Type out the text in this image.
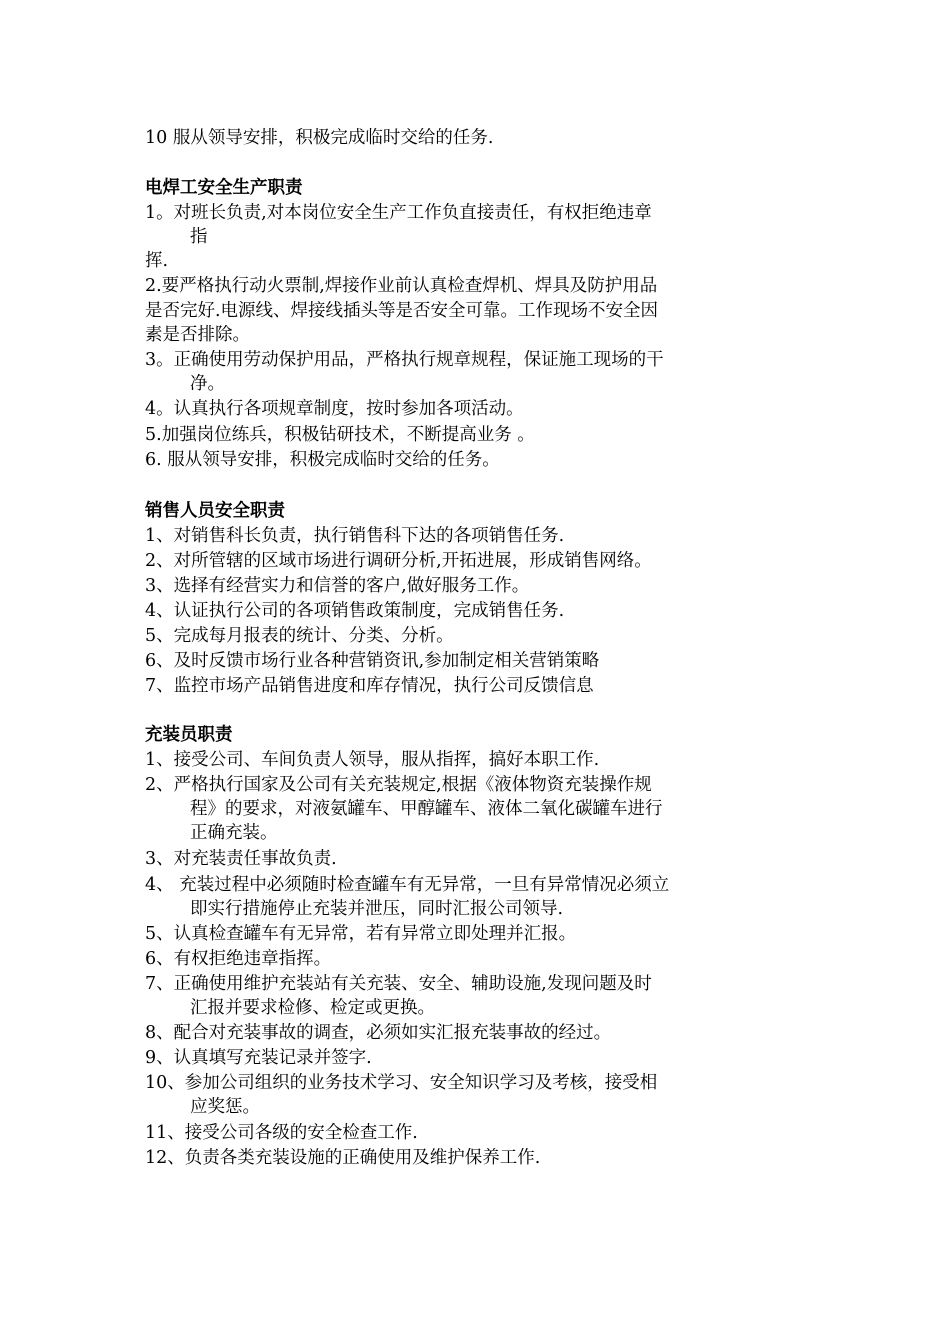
10 服从领导安排，积极完成临时交给的任务.
电焊工安全生产职责
1。对班长负责,对本岗位安全生产工作负直接责任，有权拒绝违章
指
挥.
2.要严格执行动火票制,焊接作业前认真检查焊机、焊具及防护用品
是否完好.电源线、焊接线插头等是否安全可靠。工作现场不安全因
素是否排除。
3。正确使用劳动保护用品，严格执行规章规程，保证施工现场的干
净。
4。认真执行各项规章制度，按时参加各项活动。
5.加强岗位练兵，积极钻研技术，不断提高业务 。
6. 服从领导安排，积极完成临时交给的任务。
销售人员安全职责
1、对销售科长负责，执行销售科下达的各项销售任务.
2、对所管辖的区域市场进行调研分析,开拓进展，形成销售网络。
3、选择有经营实力和信誉的客户,做好服务工作。
4、认证执行公司的各项销售政策制度，完成销售任务.
5、完成每月报表的统计、分类、分析。
6、及时反馈市场行业各种营销资讯,参加制定相关营销策略
7、监控市场产品销售进度和库存情况，执行公司反馈信息
充装员职责
1、接受公司、车间负责人领导，服从指挥，搞好本职工作.
2、严格执行国家及公司有关充装规定,根据《液体物资充装操作规
程》的要求，对液氨罐车、甲醇罐车、液体二氧化碳罐车进行
正确充装。
3、对充装责任事故负责.
4、 充装过程中必须随时检查罐车有无异常，一旦有异常情况必须立
即实行措施停止充装并泄压，同时汇报公司领导.
5、认真检查罐车有无异常，若有异常立即处理并汇报。
6、有权拒绝违章指挥。
7、正确使用维护充装站有关充装、安全、辅助设施,发现问题及时
汇报并要求检修、检定或更换。
8、配合对充装事故的调查，必须如实汇报充装事故的经过。
9、认真填写充装记录并签字.
10、参加公司组织的业务技术学习、安全知识学习及考核，接受相
应奖惩。
11、接受公司各级的安全检查工作.
12、负责各类充装设施的正确使用及维护保养工作.
